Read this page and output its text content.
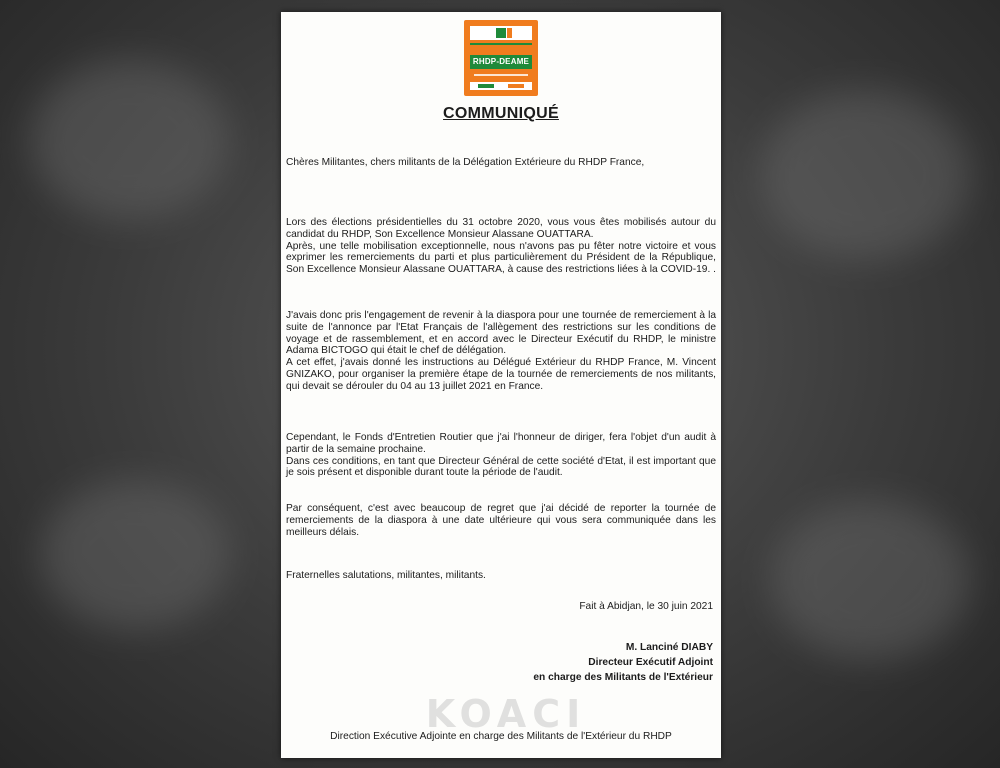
RHDP-DEAME
COMMUNIQUÉ
Chères Militantes, chers militants de la Délégation Extérieure du RHDP France,

Lors des élections présidentielles du 31 octobre 2020, vous vous êtes mobilisés autour du candidat du RHDP, Son Excellence Monsieur Alassane OUATTARA.

Après, une telle mobilisation exceptionnelle, nous n'avons pas pu fêter notre victoire et vous exprimer les remerciements du parti et plus particulièrement du Président de la République, Son Excellence Monsieur Alassane OUATTARA, à cause des restrictions liées à la COVID-19. .

J'avais donc pris l'engagement de revenir à la diaspora pour une tournée de remerciement à la suite de l'annonce par l'Etat Français de l'allègement des restrictions sur les conditions de voyage et de rassemblement, et en accord avec le Directeur Exécutif du RHDP, le ministre Adama BICTOGO qui était le chef de délégation.

A cet effet, j'avais donné les instructions au Délégué Extérieur du RHDP France, M. Vincent GNIZAKO, pour organiser la première étape de la tournée de remerciements de nos militants, qui devait se dérouler du 04 au 13 juillet 2021 en France.

Cependant, le Fonds d'Entretien Routier que j'ai l'honneur de diriger, fera l'objet d'un audit à partir de la semaine prochaine.

Dans ces conditions, en tant que Directeur Général de cette société d'Etat, il est important que je sois présent et disponible durant toute la période de l'audit.

Par conséquent, c'est avec beaucoup de regret que j'ai décidé de reporter la tournée de remerciements de la diaspora à une date ultérieure qui vous sera communiquée dans les meilleurs délais.

Fraternelles salutations, militantes, militants.
Fait à Abidjan, le 30 juin 2021
M. Lanciné DIABY
Directeur Exécutif Adjoint
en charge des Militants de l'Extérieur
KOACI
Direction Exécutive Adjointe en charge des Militants de l'Extérieur du RHDP
